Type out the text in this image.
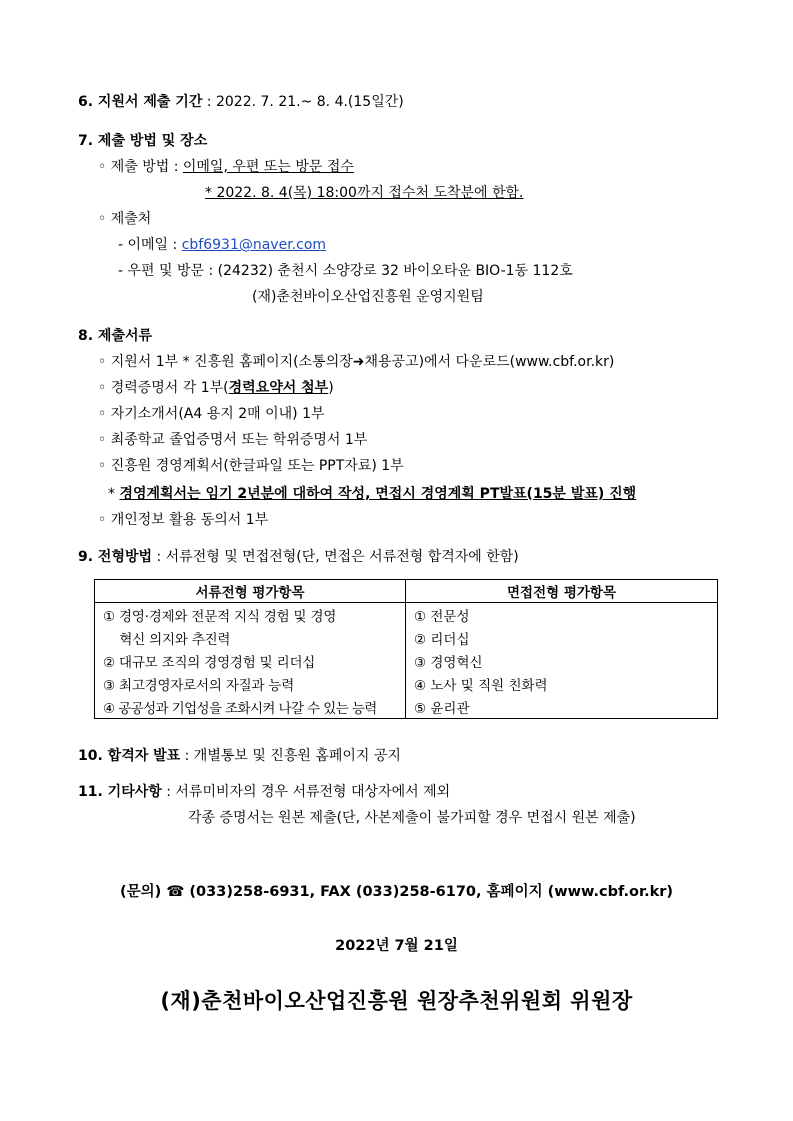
6. 지원서 제출 기간 : 2022. 7. 21.~ 8. 4.(15일간)
7. 제출 방법 및 장소
◦ 제출 방법 : 이메일, 우편 또는 방문 접수
* 2022. 8. 4(목) 18:00까지 접수처 도착분에 한함.
◦ 제출처
- 이메일 : cbf6931@naver.com
- 우편 및 방문 : (24232) 춘천시 소양강로 32 바이오타운 BIO-1동 112호
(재)춘천바이오산업진흥원 운영지원팀
8. 제출서류
◦ 지원서 1부 * 진흥원 홈페이지(소통의장➜채용공고)에서 다운로드(www.cbf.or.kr)
◦ 경력증명서 각 1부(경력요약서 첨부)
◦ 자기소개서(A4 용지 2매 이내) 1부
◦ 최종학교 졸업증명서 또는 학위증명서 1부
◦ 진흥원 경영계획서(한글파일 또는 PPT자료) 1부
* 경영계획서는 임기 2년분에 대하여 작성, 면접시 경영계획 PT발표(15분 발표) 진행
◦ 개인정보 활용 동의서 1부
9. 전형방법 : 서류전형 및 면접전형(단, 면접은 서류전형 합격자에 한함)
서류전형 평가항목	면접전형 평가항목
① 경영·경제와 전문적 지식 경험 및 경영	① 전문성
혁신 의지와 추진력	② 리더십
② 대규모 조직의 경영경험 및 리더십	③ 경영혁신
③ 최고경영자로서의 자질과 능력	④ 노사 및 직원 친화력
④ 공공성과 기업성을 조화시켜 나갈 수 있는 능력	⑤ 윤리관
10. 합격자 발표 : 개별통보 및 진흥원 홈페이지 공지
11. 기타사항 : 서류미비자의 경우 서류전형 대상자에서 제외
각종 증명서는 원본 제출(단, 사본제출이 불가피할 경우 면접시 원본 제출)
(문의) ☎ (033)258-6931, FAX (033)258-6170, 홈페이지 (www.cbf.or.kr)
2022년 7월 21일
(재)춘천바이오산업진흥원 원장추천위원회 위원장
